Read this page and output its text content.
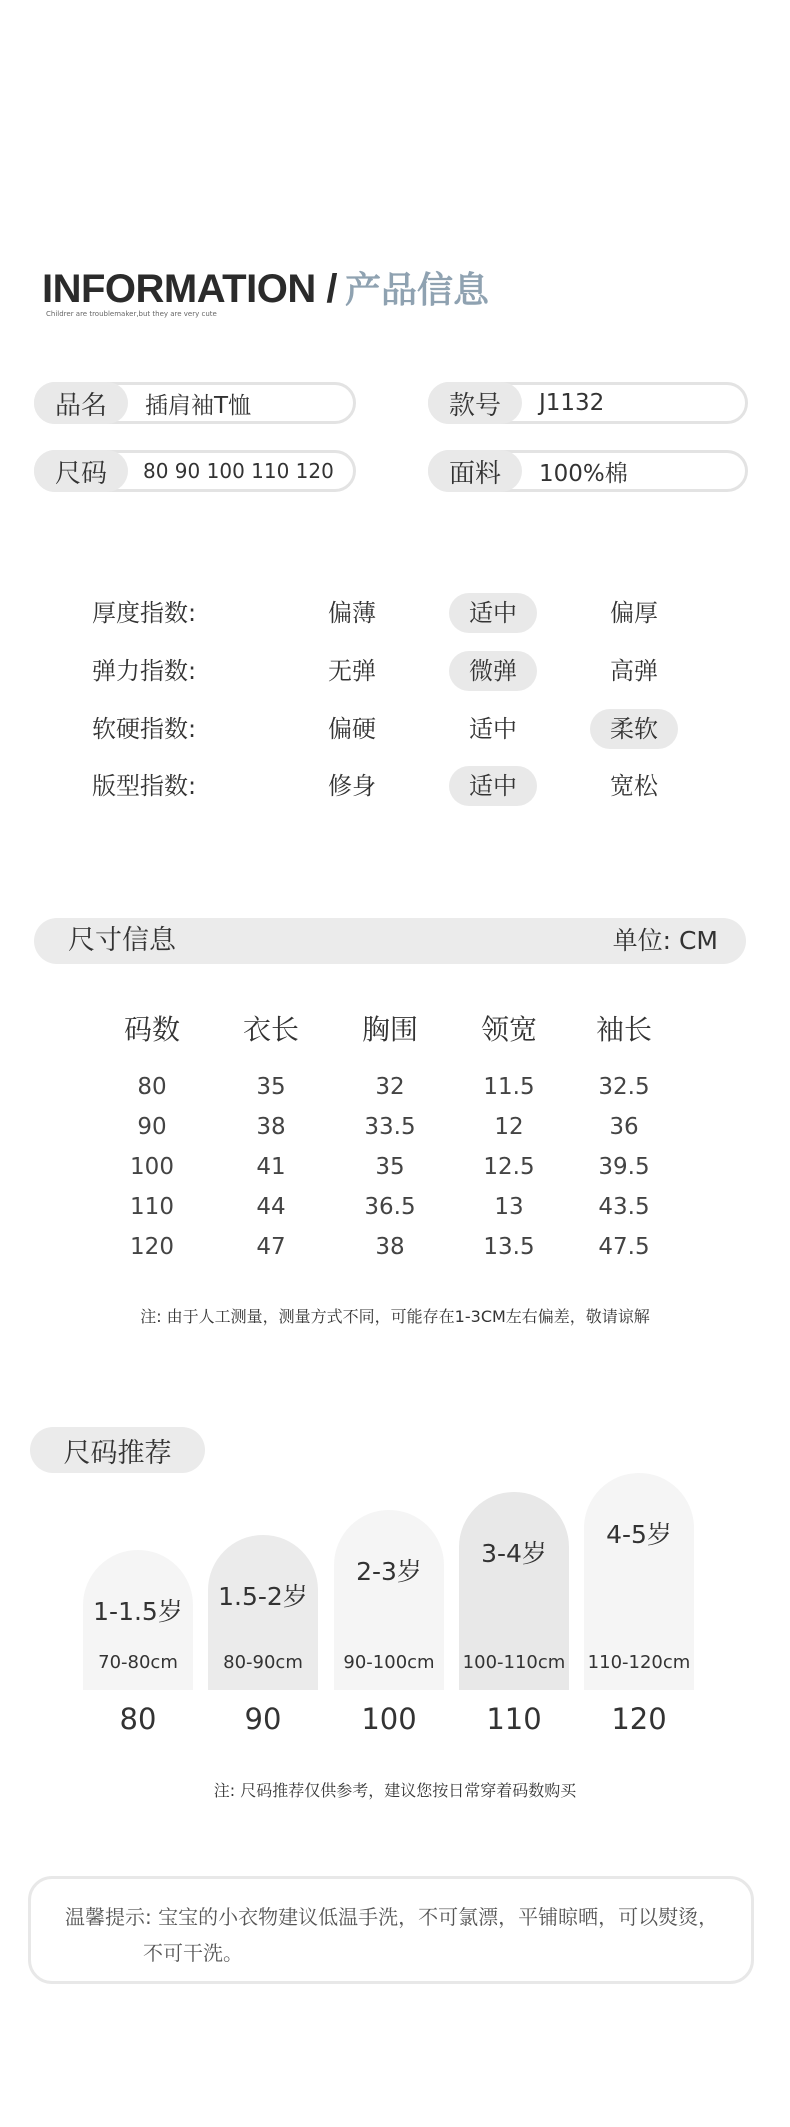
INFORMATION / 产品信息
Childrer are troublemaker,but they are very cute
品名	插肩袖T恤	款号	J1132
尺码	80 90 100 110 120	面料	100%棉
厚度指数:	偏薄	适中	偏厚
弹力指数:	无弹	微弹	高弹
软硬指数:	偏硬	适中	柔软
版型指数:	修身	适中	宽松
尺寸信息	单位: CM
码数	衣长	胸围	领宽	袖长
80	35	32	11.5	32.5
90	38	33.5	12	36
100	41	35	12.5	39.5
110	44	36.5	13	43.5
120	47	38	13.5	47.5
注: 由于人工测量，测量方式不同，可能存在1-3CM左右偏差，敬请谅解
尺码推荐
1-1.5岁
70-80cm
80
1.5-2岁
80-90cm
90
2-3岁
90-100cm
100
3-4岁
100-110cm
110
4-5岁
110-120cm
120
注: 尺码推荐仅供参考，建议您按日常穿着码数购买
温馨提示: 宝宝的小衣物建议低温手洗，不可氯漂，平铺晾晒，可以熨烫，
不可干洗。
